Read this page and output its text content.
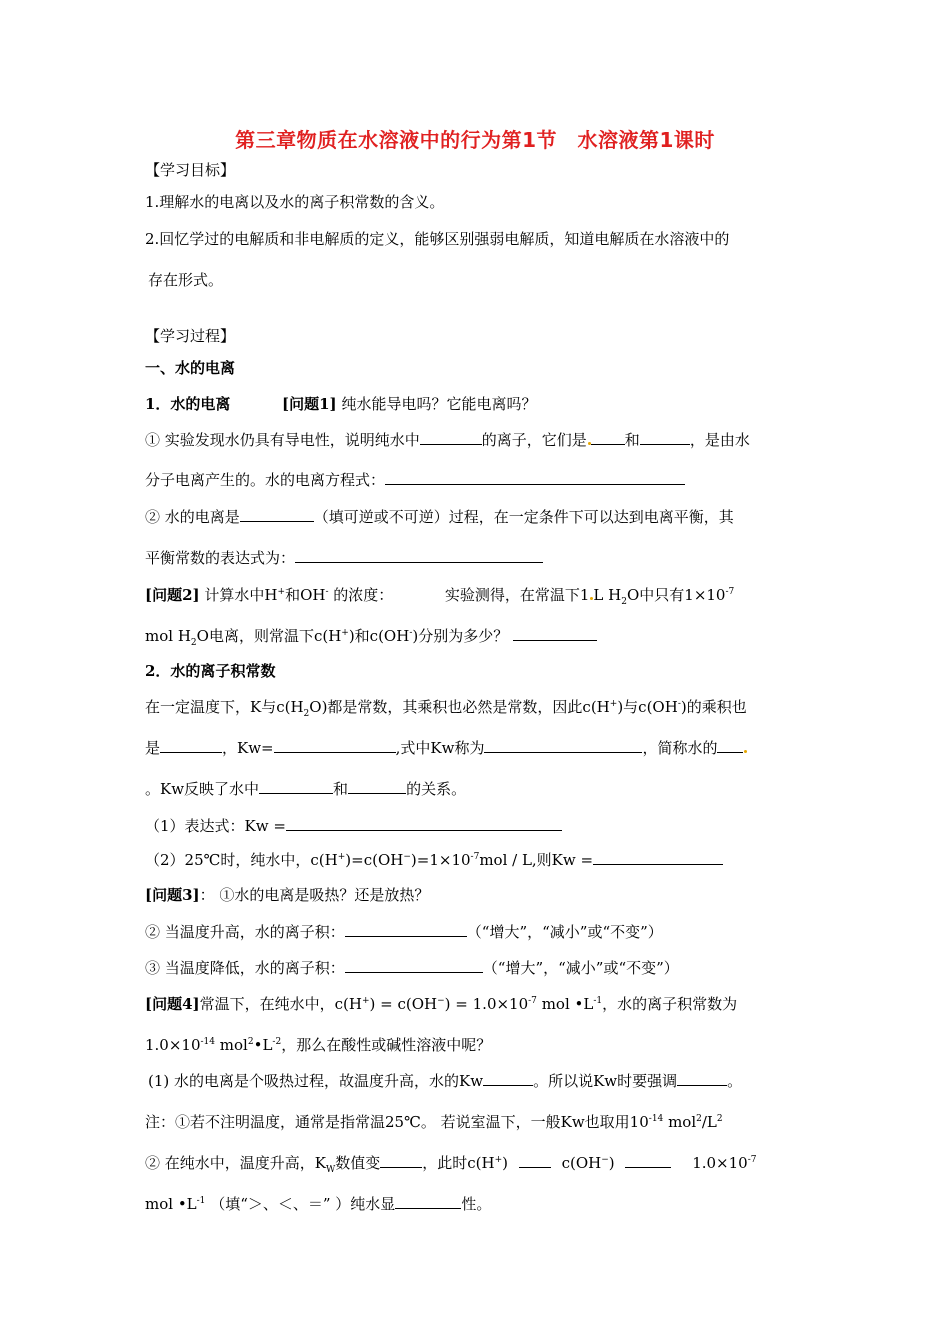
第三章物质在水溶液中的行为第1节　水溶液第1课时
【学习目标】
1.理解水的电离以及水的离子积常数的含义。
2.回忆学过的电解质和非电解质的定义，能够区别强弱电解质，知道电解质在水溶液中的
存在形式。
【学习过程】
一、水的电离
1．水的电离	[问题1] 纯水能导电吗？它能电离吗？
① 实验发现水仍具有导电性，说明纯水中	的离子，它们是	和	，是由水
分子电离产生的。水的电离方程式：
② 水的电离是	（填可逆或不可逆）过程，在一定条件下可以达到电离平衡，其
平衡常数的表达式为：
[问题2] 计算水中H+和OH- 的浓度：	实验测得，在常温下1 L $H_2O$中只有$1\times 10^{-7}$
mol $H_2O$电离，则常温下c(H+)和c(OH-)分别为多少？
2．水的离子积常数
在一定温度下，K与$c(H_2O)$都是常数，其乘积也必然是常数，因此c(H+)与c(OH-)的乘积也
是	，Kw=	,式中Kw称为	，简称水的
。Kw反映了水中	和	的关系。
（1）表达式：Kw =
（2）25℃时，纯水中，$c(H^+)=c(OH^-)=1\times 10^{-7}mol / L$,则Kw =
[问题3]： ①水的电离是吸热？还是放热？
② 当温度升高，水的离子积：	（“增大”，“减小”或“不变”）
③ 当温度降低，水的离子积：	（“增大”，“减小”或“不变”）
[问题4]常温下，在纯水中，$c(H^+) = c(OH^-) = 1.0\times 10^{-7}$ mol $•L^{-1}$，水的离子积常数为
$1.0\times 10^{-14}$ $mol^2•L^{-2}$，那么在酸性或碱性溶液中呢？
(1) 水的电离是个吸热过程，故温度升高，水的Kw	。所以说Kw时要强调	。
注：①若不注明温度，通常是指常温25℃。 若说室温下，一般Kw也取用$10^{-14}$ $mol^2/L^2$
② 在纯水中，温度升高，$K_W$数值变	，此时c(H+)	c(OH−)	$1.0\times 10^{-7}$
mol $•L^{-1}$ （填“＞、＜、＝” ）纯水显	性。
